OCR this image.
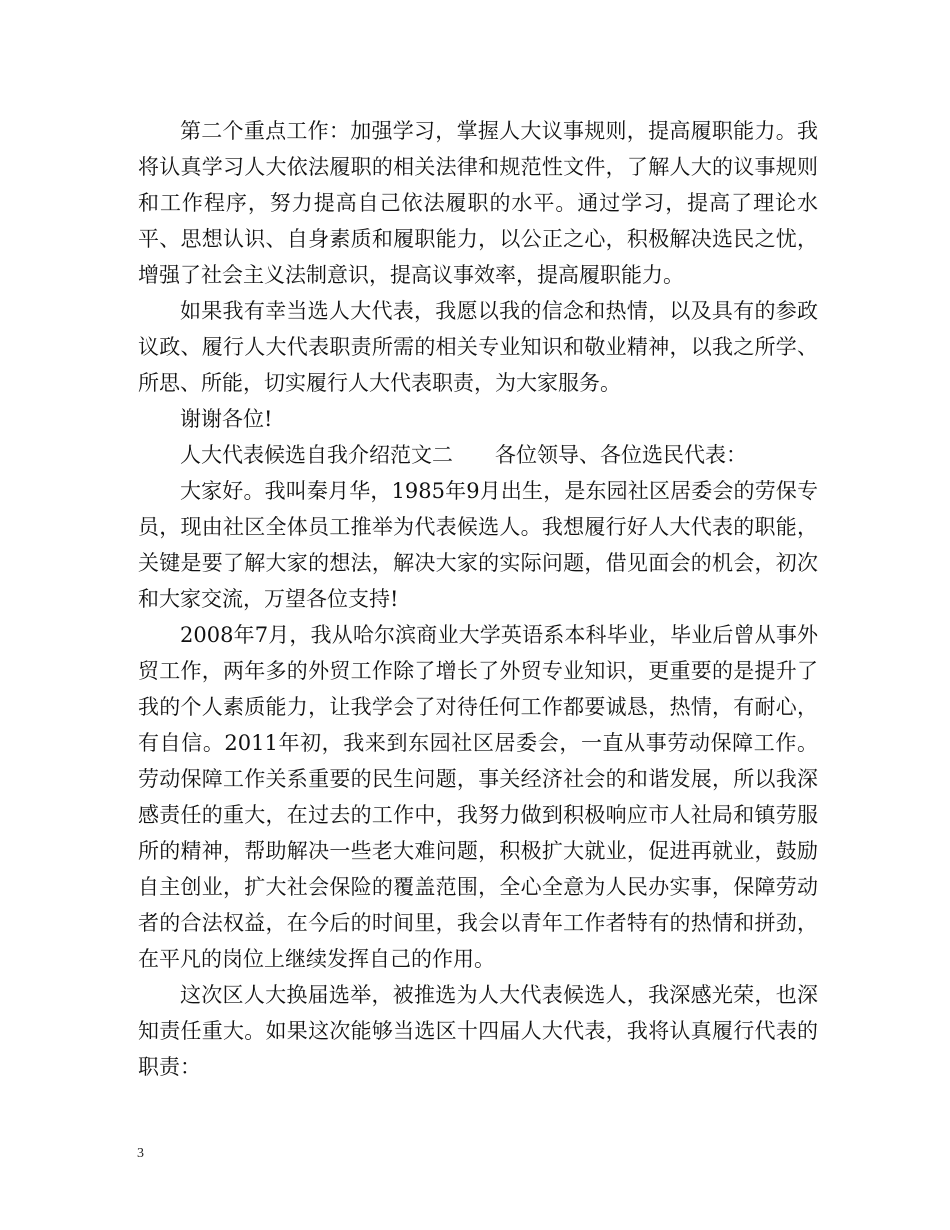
第二个重点工作：加强学习，掌握人大议事规则，提高履职能力。我将认真学习人大依法履职的相关法律和规范性文件，了解人大的议事规则和工作程序，努力提高自己依法履职的水平。通过学习，提高了理论水平、思想认识、自身素质和履职能力，以公正之心，积极解决选民之忧，增强了社会主义法制意识，提高议事效率，提高履职能力。

如果我有幸当选人大代表，我愿以我的信念和热情，以及具有的参政议政、履行人大代表职责所需的相关专业知识和敬业精神，以我之所学、所思、所能，切实履行人大代表职责，为大家服务。

谢谢各位!

人大代表候选自我介绍范文二　　各位领导、各位选民代表：

大家好。我叫秦月华，1985年9月出生，是东园社区居委会的劳保专员，现由社区全体员工推举为代表候选人。我想履行好人大代表的职能，关键是要了解大家的想法，解决大家的实际问题，借见面会的机会，初次和大家交流，万望各位支持!

2008年7月，我从哈尔滨商业大学英语系本科毕业，毕业后曾从事外贸工作，两年多的外贸工作除了增长了外贸专业知识，更重要的是提升了我的个人素质能力，让我学会了对待任何工作都要诚恳，热情，有耐心，有自信。2011年初，我来到东园社区居委会，一直从事劳动保障工作。劳动保障工作关系重要的民生问题，事关经济社会的和谐发展，所以我深感责任的重大，在过去的工作中，我努力做到积极响应市人社局和镇劳服所的精神，帮助解决一些老大难问题，积极扩大就业，促进再就业，鼓励自主创业，扩大社会保险的覆盖范围，全心全意为人民办实事，保障劳动者的合法权益，在今后的时间里，我会以青年工作者特有的热情和拼劲，在平凡的岗位上继续发挥自己的作用。

这次区人大换届选举，被推选为人大代表候选人，我深感光荣，也深知责任重大。如果这次能够当选区十四届人大代表，我将认真履行代表的职责：

3
